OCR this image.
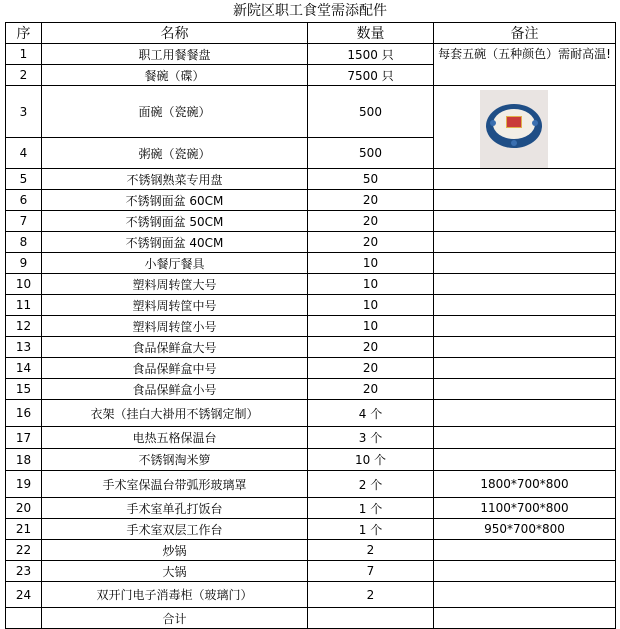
新院区职工食堂需添配件
序	名称	数量	备注
1	职工用餐餐盘	1500 只	每套五碗（五种颜色）需耐高温!
2	餐碗（碟）	7500 只	
3	面碗（瓷碗）	500	

4	粥碗（瓷碗）	500	
5	不锈钢熟菜专用盘	50	
6	不锈钢面盆 60CM	20	
7	不锈钢面盆 50CM	20	
8	不锈钢面盆 40CM	20	
9	小餐厅餐具	10	
10	塑料周转筐大号	10	
11	塑料周转筐中号	10	
12	塑料周转筐小号	10	
13	食品保鲜盒大号	20	
14	食品保鲜盒中号	20	
15	食品保鲜盒小号	20	
16	衣架（挂白大褂用不锈钢定制）	4 个	
17	电热五格保温台	3 个	
18	不锈钢淘米箩	10 个	
19	手术室保温台带弧形玻璃罩	2 个	1800*700*800
20	手术室单孔打饭台	1 个	1100*700*800
21	手术室双层工作台	1 个	950*700*800
22	炒锅	2	
23	大锅	7	
24	双开门电子消毒柜（玻璃门）	2	
	合计		
